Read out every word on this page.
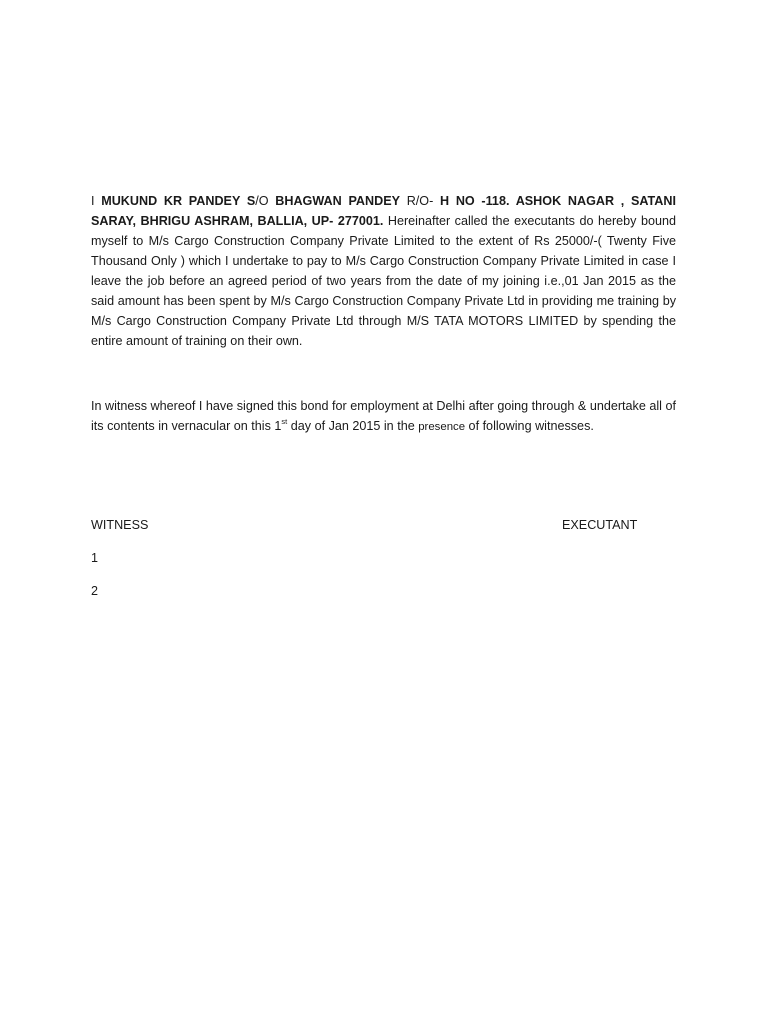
I MUKUND KR PANDEY S/O BHAGWAN PANDEY R/O- H NO -118. ASHOK NAGAR , SATANI SARAY, BHRIGU ASHRAM, BALLIA, UP- 277001. Hereinafter called the executants do hereby bound myself to M/s Cargo Construction Company Private Limited to the extent of Rs 25000/-( Twenty Five Thousand Only ) which I undertake to pay to M/s Cargo Construction Company Private Limited in case I leave the job before an agreed period of two years from the date of my joining i.e.,01 Jan 2015 as the said amount has been spent by M/s Cargo Construction Company Private Ltd in providing me training by M/s Cargo Construction Company Private Ltd through M/S TATA MOTORS LIMITED by spending the entire amount of training on their own.

In witness whereof I have signed this bond for employment at Delhi after going through & undertake all of its contents in vernacular on this 1st day of Jan 2015 in the presence of following witnesses.

WITNESS	EXECUTANT

1

2
